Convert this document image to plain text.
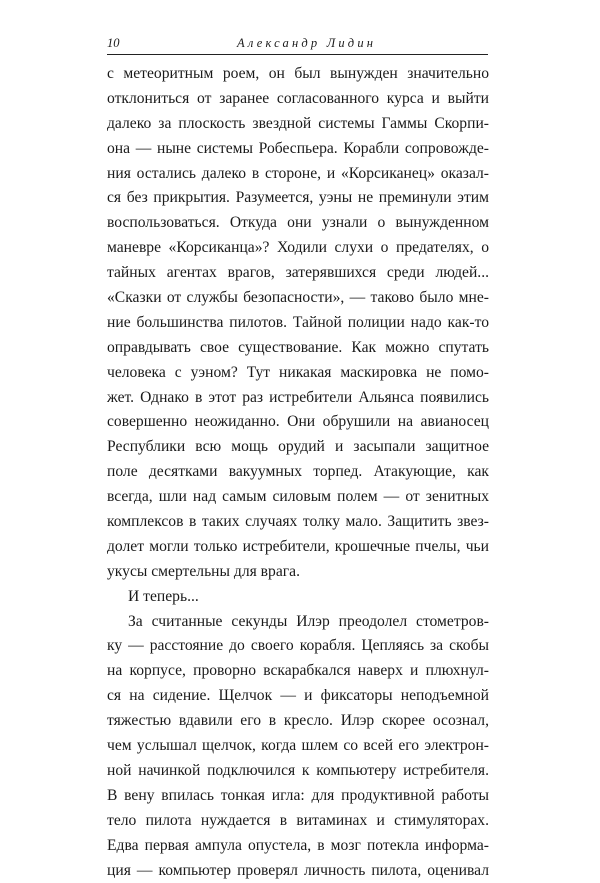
10	Александр Лидин
с метеоритным роем, он был вынужден значительно
отклониться от заранее согласованного курса и выйти
далеко за плоскость звездной системы Гаммы Скорпи-
она — ныне системы Робеспьера. Корабли сопровожде-
ния остались далеко в стороне, и «Корсиканец» оказал-
ся без прикрытия. Разумеется, уэны не преминули этим
воспользоваться. Откуда они узнали о вынужденном
маневре «Корсиканца»? Ходили слухи о предателях, о
тайных агентах врагов, затерявшихся среди людей...
«Сказки от службы безопасности», — таково было мне-
ние большинства пилотов. Тайной полиции надо как-то
оправдывать свое существование. Как можно спутать
человека с уэном? Тут никакая маскировка не помо-
жет. Однако в этот раз истребители Альянса появились
совершенно неожиданно. Они обрушили на авианосец
Республики всю мощь орудий и засыпали защитное
поле десятками вакуумных торпед. Атакующие, как
всегда, шли над самым силовым полем — от зенитных
комплексов в таких случаях толку мало. Защитить звез-
долет могли только истребители, крошечные пчелы, чьи
укусы смертельны для врага.
И теперь...
За считанные секунды Илэр преодолел стометров-
ку — расстояние до своего корабля. Цепляясь за скобы
на корпусе, проворно вскарабкался наверх и плюхнул-
ся на сидение. Щелчок — и фиксаторы неподъемной
тяжестью вдавили его в кресло. Илэр скорее осознал,
чем услышал щелчок, когда шлем со всей его электрон-
ной начинкой подключился к компьютеру истребителя.
В вену впилась тонкая игла: для продуктивной работы
тело пилота нуждается в витаминах и стимуляторах.
Едва первая ампула опустела, в мозг потекла информа-
ция — компьютер проверял личность пилота, оценивал
